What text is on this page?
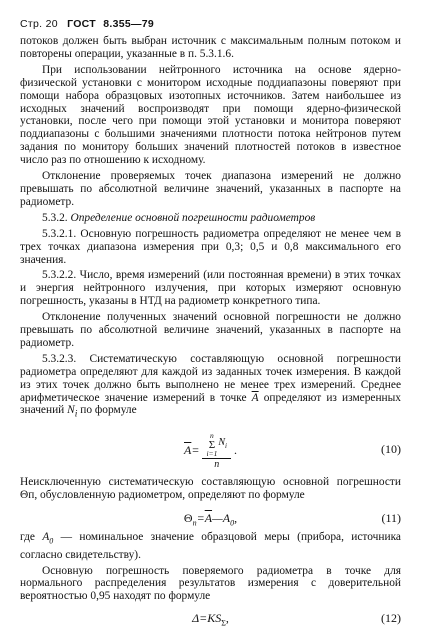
Стр. 20 ГОСТ 8.355—79

потоков должен быть выбран источник с максимальным полным потоком и повторены операции, указанные в п. 5.3.1.6.

При использовании нейтронного источника на основе ядерно-физической установки с монитором исходные поддиапазоны поверяют при помощи набора образцовых изотопных источников. Затем наибольшее из исходных значений воспроизводят при помощи ядерно-физической установки, после чего при помощи этой установки и монитора поверяют поддиапазоны с большими значениями плотности потока нейтронов путем задания по монитору больших значений плотностей потоков в известное число раз по отношению к исходному.

Отклонение проверяемых точек диапазона измерений не должно превышать по абсолютной величине значений, указанных в паспорте на радиометр.

5.3.2. Определение основной погрешности радиометров

5.3.2.1. Основную погрешность радиометра определяют не менее чем в трех точках диапазона измерения при 0,3; 0,5 и 0,8 максимального его значения.

5.3.2.2. Число, время измерений (или постоянная времени) в этих точках и энергия нейтронного излучения, при которых измеряют основную погрешность, указаны в НТД на радиометр конкретного типа.

Отклонение полученных значений основной погрешности не должно превышать по абсолютной величине значений, указанных в паспорте на радиометр.

5.3.2.3. Систематическую составляющую основной погрешности радиометра определяют для каждой из заданных точек измерения. В каждой из этих точек должно быть выполнено не менее трех измерений. Среднее арифметическое значение измерений в точке $\overline{A}$ определяют из измеренных значений $N_i$ по формуле

$\overline{A}= n$
Σ
i=1
$N_i$
n .	(10)

Неисключенную систематическую составляющую основной погрешности Θп, обусловленную радиометром, определяют по формуле

$\Theta_п=\overline{A}—A_0$,	(11)

где $A_0$ — номинальное значение образцовой меры (прибора, источника согласно свидетельству).

Основную погрешность поверяемого радиометра в точке для нормального распределения результатов измерения с доверительной вероятностью 0,95 находят по формуле

$\Delta=KS_\Sigma$,	(12)
